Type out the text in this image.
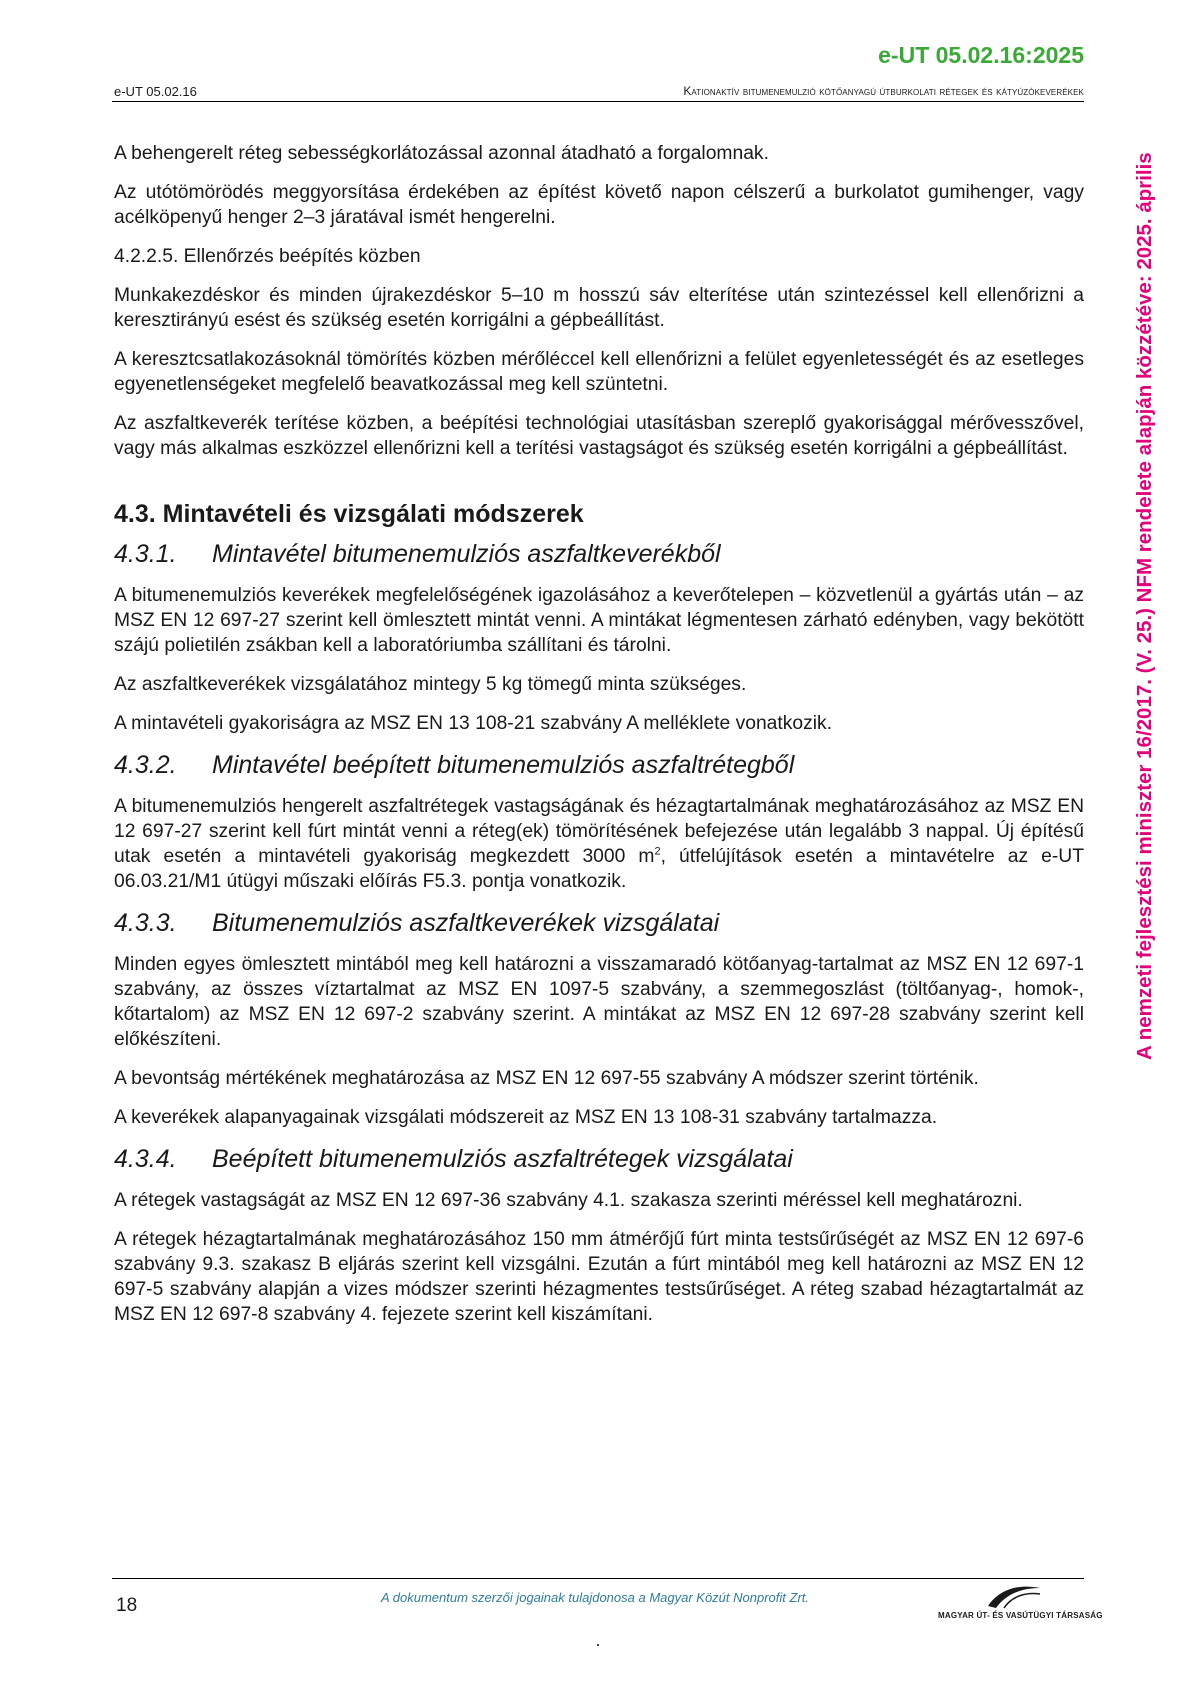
e-UT 05.02.16:2025
e-UT 05.02.16	Kationaktív bitumenemulzió kötőanyagú útburkolati rétegek és kátyúzókeverékek
A nemzeti fejlesztési miniszter 16/2017. (V. 25.) NFM rendelete alapján közzétéve: 2025. április

A behengerelt réteg sebességkorlátozással azonnal átadható a forgalomnak.

Az utótömörödés meggyorsítása érdekében az építést követő napon célszerű a burkolatot gumihenger, vagy acélköpenyű henger 2–3 járatával ismét hengerelni.

4.2.2.5. Ellenőrzés beépítés közben

Munkakezdéskor és minden újrakezdéskor 5–10 m hosszú sáv elterítése után szintezéssel kell ellenőrizni a keresztirányú esést és szükség esetén korrigálni a gépbeállítást.

A keresztcsatlakozásoknál tömörítés közben mérőléccel kell ellenőrizni a felület egyenletességét és az esetleges egyenetlenségeket megfelelő beavatkozással meg kell szüntetni.

Az aszfaltkeverék terítése közben, a beépítési technológiai utasításban szereplő gyakorisággal mérővesszővel, vagy más alkalmas eszközzel ellenőrizni kell a terítési vastagságot és szükség esetén korrigálni a gépbeállítást.

4.3. Mintavételi és vizsgálati módszerek
4.3.1.	Mintavétel bitumenemulziós aszfaltkeverékből

A bitumenemulziós keverékek megfelelőségének igazolásához a keverőtelepen – közvetlenül a gyártás után – az MSZ EN 12 697-27 szerint kell ömlesztett mintát venni. A mintákat légmentesen zárható edényben, vagy bekötött szájú polietilén zsákban kell a laboratóriumba szállítani és tárolni.

Az aszfaltkeverékek vizsgálatához mintegy 5 kg tömegű minta szükséges.

A mintavételi gyakoriságra az MSZ EN 13 108-21 szabvány A melléklete vonatkozik.

4.3.2.	Mintavétel beépített bitumenemulziós aszfaltrétegből

A bitumenemulziós hengerelt aszfaltrétegek vastagságának és hézagtartalmának meghatározásához az MSZ EN 12 697-27 szerint kell fúrt mintát venni a réteg(ek) tömörítésének befejezése után legalább 3 nappal. Új építésű utak esetén a mintavételi gyakoriság megkezdett 3000 $m^2$, útfelújítások esetén a mintavételre az e-UT 06.03.21/M1 útügyi műszaki előírás F5.3. pontja vonatkozik.

4.3.3.	Bitumenemulziós aszfaltkeverékek vizsgálatai

Minden egyes ömlesztett mintából meg kell határozni a visszamaradó kötőanyag-tartalmat az MSZ EN 12 697-1 szabvány, az összes víztartalmat az MSZ EN 1097-5 szabvány, a szemmegoszlást (töltőanyag-, homok-, kőtartalom) az MSZ EN 12 697-2 szabvány szerint. A mintákat az MSZ EN 12 697-28 szabvány szerint kell előkészíteni.

A bevontság mértékének meghatározása az MSZ EN 12 697-55 szabvány A módszer szerint történik.

A keverékek alapanyagainak vizsgálati módszereit az MSZ EN 13 108-31 szabvány tartalmazza.

4.3.4.	Beépített bitumenemulziós aszfaltrétegek vizsgálatai

A rétegek vastagságát az MSZ EN 12 697-36 szabvány 4.1. szakasza szerinti méréssel kell meghatározni.

A rétegek hézagtartalmának meghatározásához 150 mm átmérőjű fúrt minta testsűrűségét az MSZ EN 12 697-6 szabvány 9.3. szakasz B eljárás szerint kell vizsgálni. Ezután a fúrt mintából meg kell határozni az MSZ EN 12 697-5 szabvány alapján a vizes módszer szerinti hézagmentes testsűrűséget. A réteg szabad hézagtartalmát az MSZ EN 12 697-8 szabvány 4. fejezete szerint kell kiszámítani.

18	A dokumentum szerzői jogainak tulajdonosa a Magyar Közút Nonprofit Zrt.
MAGYAR ÚT- ÉS VASÚTÜGYI TÁRSASÁG
